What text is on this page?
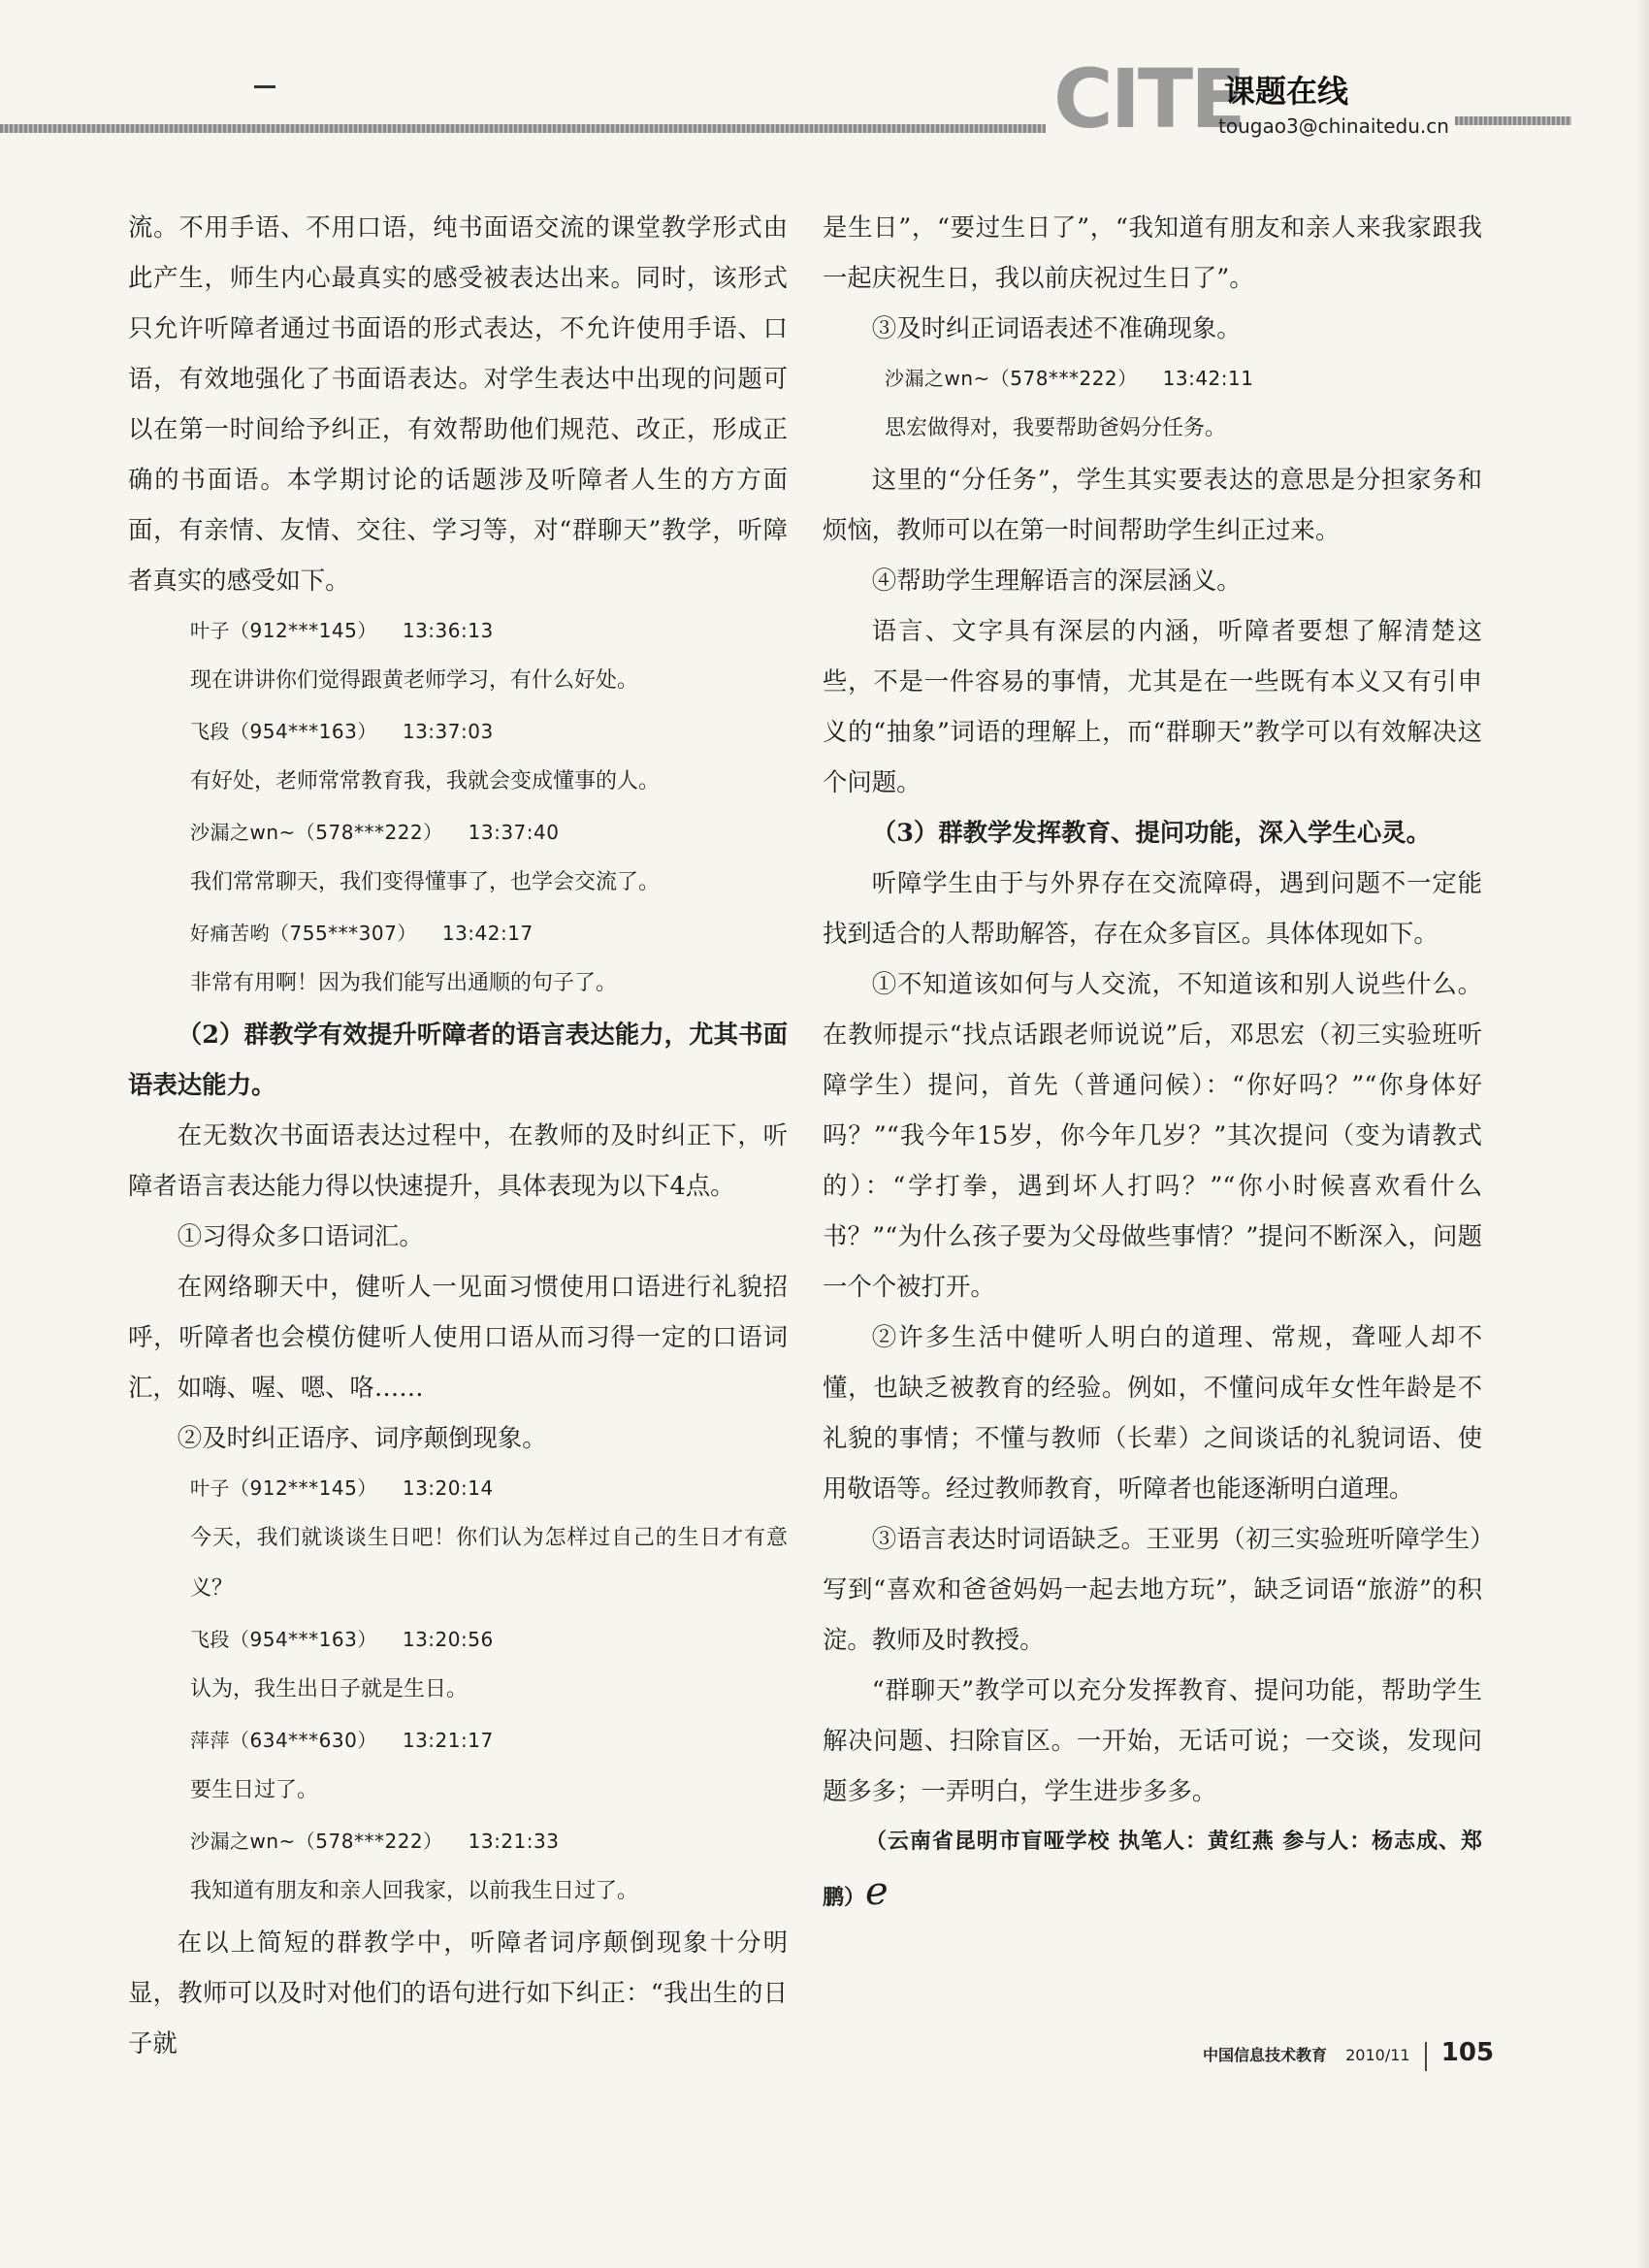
CITE
课题在线
tougao3@chinaitedu.cn

流。不用手语、不用口语，纯书面语交流的课堂教学形式由此产生，师生内心最真实的感受被表达出来。同时，该形式只允许听障者通过书面语的形式表达，不允许使用手语、口语，有效地强化了书面语表达。对学生表达中出现的问题可以在第一时间给予纠正，有效帮助他们规范、改正，形成正确的书面语。本学期讨论的话题涉及听障者人生的方方面面，有亲情、友情、交往、学习等，对“群聊天”教学，听障者真实的感受如下。

叶子（912***145） 13:36:13

现在讲讲你们觉得跟黄老师学习，有什么好处。

飞段（954***163） 13:37:03

有好处，老师常常教育我，我就会变成懂事的人。

沙漏之wn~（578***222） 13:37:40

我们常常聊天，我们变得懂事了，也学会交流了。

好痛苦哟（755***307） 13:42:17

非常有用啊！因为我们能写出通顺的句子了。

（2）群教学有效提升听障者的语言表达能力，尤其书面语表达能力。

在无数次书面语表达过程中，在教师的及时纠正下，听障者语言表达能力得以快速提升，具体表现为以下4点。

①习得众多口语词汇。

在网络聊天中，健听人一见面习惯使用口语进行礼貌招呼，听障者也会模仿健听人使用口语从而习得一定的口语词汇，如嗨、喔、嗯、咯……

②及时纠正语序、词序颠倒现象。

叶子（912***145） 13:20:14

今天，我们就谈谈生日吧！你们认为怎样过自己的生日才有意义？

飞段（954***163） 13:20:56

认为，我生出日子就是生日。

萍萍（634***630） 13:21:17

要生日过了。

沙漏之wn~（578***222） 13:21:33

我知道有朋友和亲人回我家，以前我生日过了。

在以上简短的群教学中，听障者词序颠倒现象十分明显，教师可以及时对他们的语句进行如下纠正：“我出生的日子就

是生日”，“要过生日了”，“我知道有朋友和亲人来我家跟我一起庆祝生日，我以前庆祝过生日了”。

③及时纠正词语表述不准确现象。

沙漏之wn~（578***222） 13:42:11

思宏做得对，我要帮助爸妈分任务。

这里的“分任务”，学生其实要表达的意思是分担家务和烦恼，教师可以在第一时间帮助学生纠正过来。

④帮助学生理解语言的深层涵义。

语言、文字具有深层的内涵，听障者要想了解清楚这些，不是一件容易的事情，尤其是在一些既有本义又有引申义的“抽象”词语的理解上，而“群聊天”教学可以有效解决这个问题。

（3）群教学发挥教育、提问功能，深入学生心灵。

听障学生由于与外界存在交流障碍，遇到问题不一定能找到适合的人帮助解答，存在众多盲区。具体体现如下。

①不知道该如何与人交流，不知道该和别人说些什么。在教师提示“找点话跟老师说说”后，邓思宏（初三实验班听障学生）提问，首先（普通问候）：“你好吗？”“你身体好吗？”“我今年15岁，你今年几岁？”其次提问（变为请教式的）：“学打拳，遇到坏人打吗？”“你小时候喜欢看什么书？”“为什么孩子要为父母做些事情？”提问不断深入，问题一个个被打开。

②许多生活中健听人明白的道理、常规，聋哑人却不懂，也缺乏被教育的经验。例如，不懂问成年女性年龄是不礼貌的事情；不懂与教师（长辈）之间谈话的礼貌词语、使用敬语等。经过教师教育，听障者也能逐渐明白道理。

③语言表达时词语缺乏。王亚男（初三实验班听障学生）写到“喜欢和爸爸妈妈一起去地方玩”，缺乏词语“旅游”的积淀。教师及时教授。

“群聊天”教学可以充分发挥教育、提问功能，帮助学生解决问题、扫除盲区。一开始，无话可说；一交谈，发现问题多多；一弄明白，学生进步多多。

（云南省昆明市盲哑学校 执笔人：黄红燕 参与人：杨志成、郑鹏）e

中国信息技术教育 2010/11 105
